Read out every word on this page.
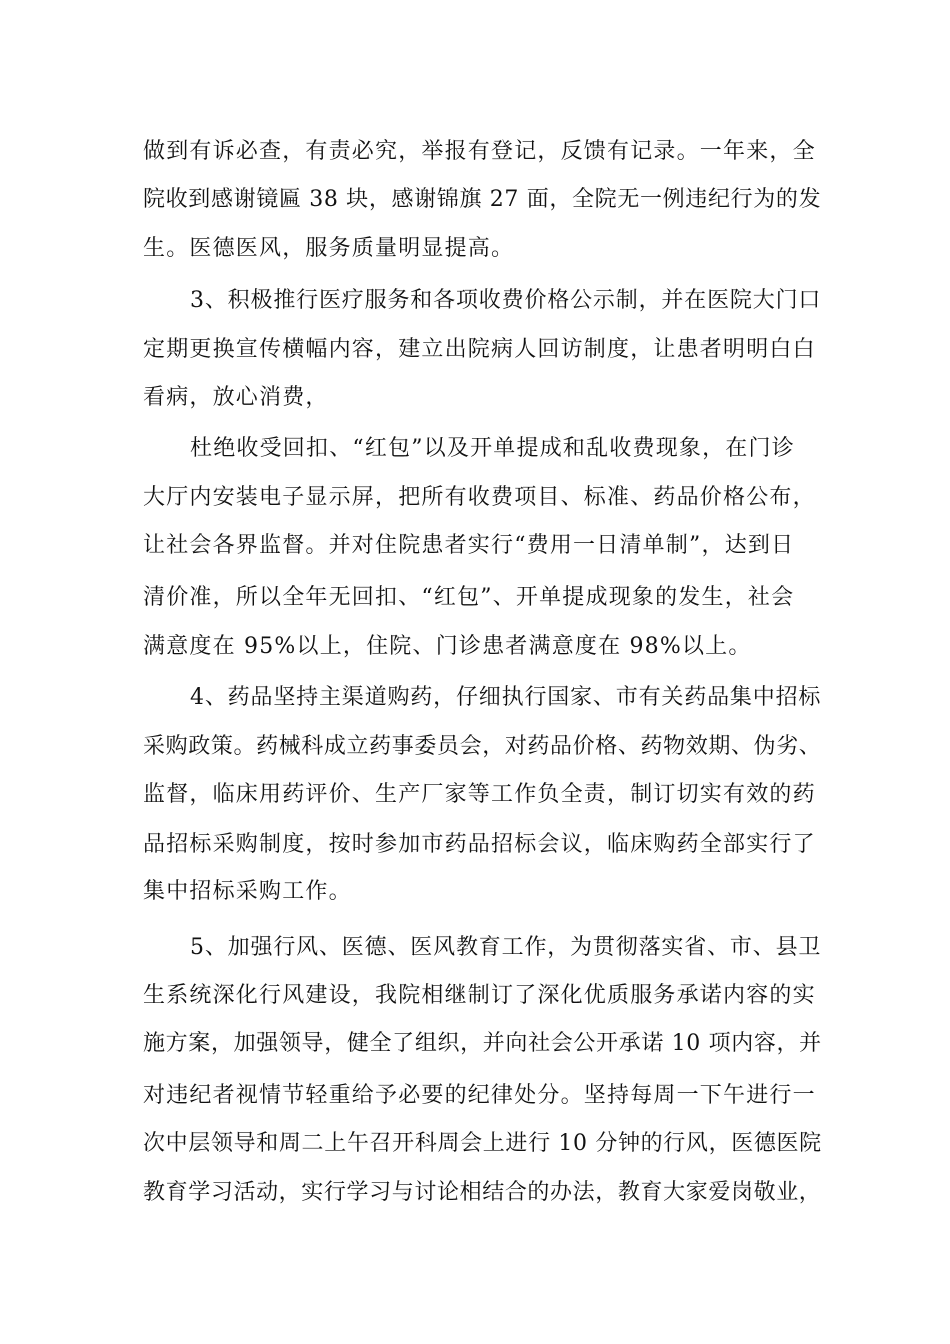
做到有诉必查，有责必究，举报有登记，反馈有记录。一年来，全
院收到感谢镜匾 38 块，感谢锦旗 27 面，全院无一例违纪行为的发
生。医德医风，服务质量明显提高。
3、积极推行医疗服务和各项收费价格公示制，并在医院大门口
定期更换宣传横幅内容，建立出院病人回访制度，让患者明明白白
看病，放心消费，
杜绝收受回扣、“红包”以及开单提成和乱收费现象，在门诊
大厅内安装电子显示屏，把所有收费项目、标准、药品价格公布，
让社会各界监督。并对住院患者实行“费用一日清单制”，达到日
清价准，所以全年无回扣、“红包”、开单提成现象的发生，社会
满意度在 95%以上，住院、门诊患者满意度在 98%以上。
4、药品坚持主渠道购药，仔细执行国家、市有关药品集中招标
采购政策。药械科成立药事委员会，对药品价格、药物效期、伪劣、
监督，临床用药评价、生产厂家等工作负全责，制订切实有效的药
品招标采购制度，按时参加市药品招标会议，临床购药全部实行了
集中招标采购工作。
5、加强行风、医德、医风教育工作，为贯彻落实省、市、县卫
生系统深化行风建设，我院相继制订了深化优质服务承诺内容的实
施方案，加强领导，健全了组织，并向社会公开承诺 10 项内容，并
对违纪者视情节轻重给予必要的纪律处分。坚持每周一下午进行一
次中层领导和周二上午召开科周会上进行 10 分钟的行风，医德医院
教育学习活动，实行学习与讨论相结合的办法，教育大家爱岗敬业，
